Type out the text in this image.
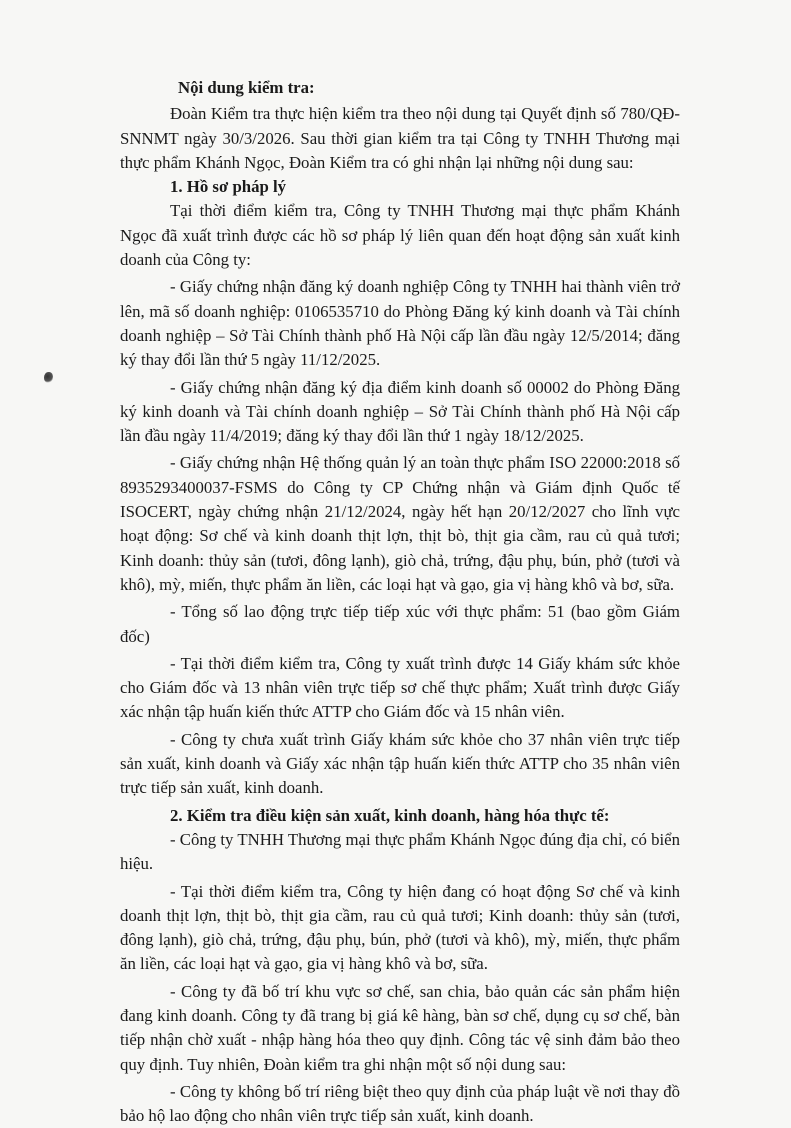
Nội dung kiểm tra:

Đoàn Kiểm tra thực hiện kiểm tra theo nội dung tại Quyết định số 780/QĐ-SNNMT ngày 30/3/2026. Sau thời gian kiểm tra tại Công ty TNHH Thương mại thực phẩm Khánh Ngọc, Đoàn Kiểm tra có ghi nhận lại những nội dung sau:

1. Hồ sơ pháp lý

Tại thời điểm kiểm tra, Công ty TNHH Thương mại thực phẩm Khánh Ngọc đã xuất trình được các hồ sơ pháp lý liên quan đến hoạt động sản xuất kinh doanh của Công ty:

- Giấy chứng nhận đăng ký doanh nghiệp Công ty TNHH hai thành viên trở lên, mã số doanh nghiệp: 0106535710 do Phòng Đăng ký kinh doanh và Tài chính doanh nghiệp – Sở Tài Chính thành phố Hà Nội cấp lần đầu ngày 12/5/2014; đăng ký thay đổi lần thứ 5 ngày 11/12/2025.

- Giấy chứng nhận đăng ký địa điểm kinh doanh số 00002 do Phòng Đăng ký kinh doanh và Tài chính doanh nghiệp – Sở Tài Chính thành phố Hà Nội cấp lần đầu ngày 11/4/2019; đăng ký thay đổi lần thứ 1 ngày 18/12/2025.

- Giấy chứng nhận Hệ thống quản lý an toàn thực phẩm ISO 22000:2018 số 8935293400037-FSMS do Công ty CP Chứng nhận và Giám định Quốc tế ISOCERT, ngày chứng nhận 21/12/2024, ngày hết hạn 20/12/2027 cho lĩnh vực hoạt động: Sơ chế và kinh doanh thịt lợn, thịt bò, thịt gia cầm, rau củ quả tươi; Kinh doanh: thủy sản (tươi, đông lạnh), giò chả, trứng, đậu phụ, bún, phở (tươi và khô), mỳ, miến, thực phẩm ăn liền, các loại hạt và gạo, gia vị hàng khô và bơ, sữa.

- Tổng số lao động trực tiếp tiếp xúc với thực phẩm: 51 (bao gồm Giám đốc)

- Tại thời điểm kiểm tra, Công ty xuất trình được 14 Giấy khám sức khỏe cho Giám đốc và 13 nhân viên trực tiếp sơ chế thực phẩm; Xuất trình được Giấy xác nhận tập huấn kiến thức ATTP cho Giám đốc và 15 nhân viên.

- Công ty chưa xuất trình Giấy khám sức khỏe cho 37 nhân viên trực tiếp sản xuất, kinh doanh và Giấy xác nhận tập huấn kiến thức ATTP cho 35 nhân viên trực tiếp sản xuất, kinh doanh.

2. Kiểm tra điều kiện sản xuất, kinh doanh, hàng hóa thực tế:

- Công ty TNHH Thương mại thực phẩm Khánh Ngọc đúng địa chỉ, có biển hiệu.

- Tại thời điểm kiểm tra, Công ty hiện đang có hoạt động Sơ chế và kinh doanh thịt lợn, thịt bò, thịt gia cầm, rau củ quả tươi; Kinh doanh: thủy sản (tươi, đông lạnh), giò chả, trứng, đậu phụ, bún, phở (tươi và khô), mỳ, miến, thực phẩm ăn liền, các loại hạt và gạo, gia vị hàng khô và bơ, sữa.

- Công ty đã bố trí khu vực sơ chế, san chia, bảo quản các sản phẩm hiện đang kinh doanh. Công ty đã trang bị giá kê hàng, bàn sơ chế, dụng cụ sơ chế, bàn tiếp nhận chờ xuất - nhập hàng hóa theo quy định. Công tác vệ sinh đảm bảo theo quy định. Tuy nhiên, Đoàn kiểm tra ghi nhận một số nội dung sau:

- Công ty không bố trí riêng biệt theo quy định của pháp luật về nơi thay đồ bảo hộ lao động cho nhân viên trực tiếp sản xuất, kinh doanh.
